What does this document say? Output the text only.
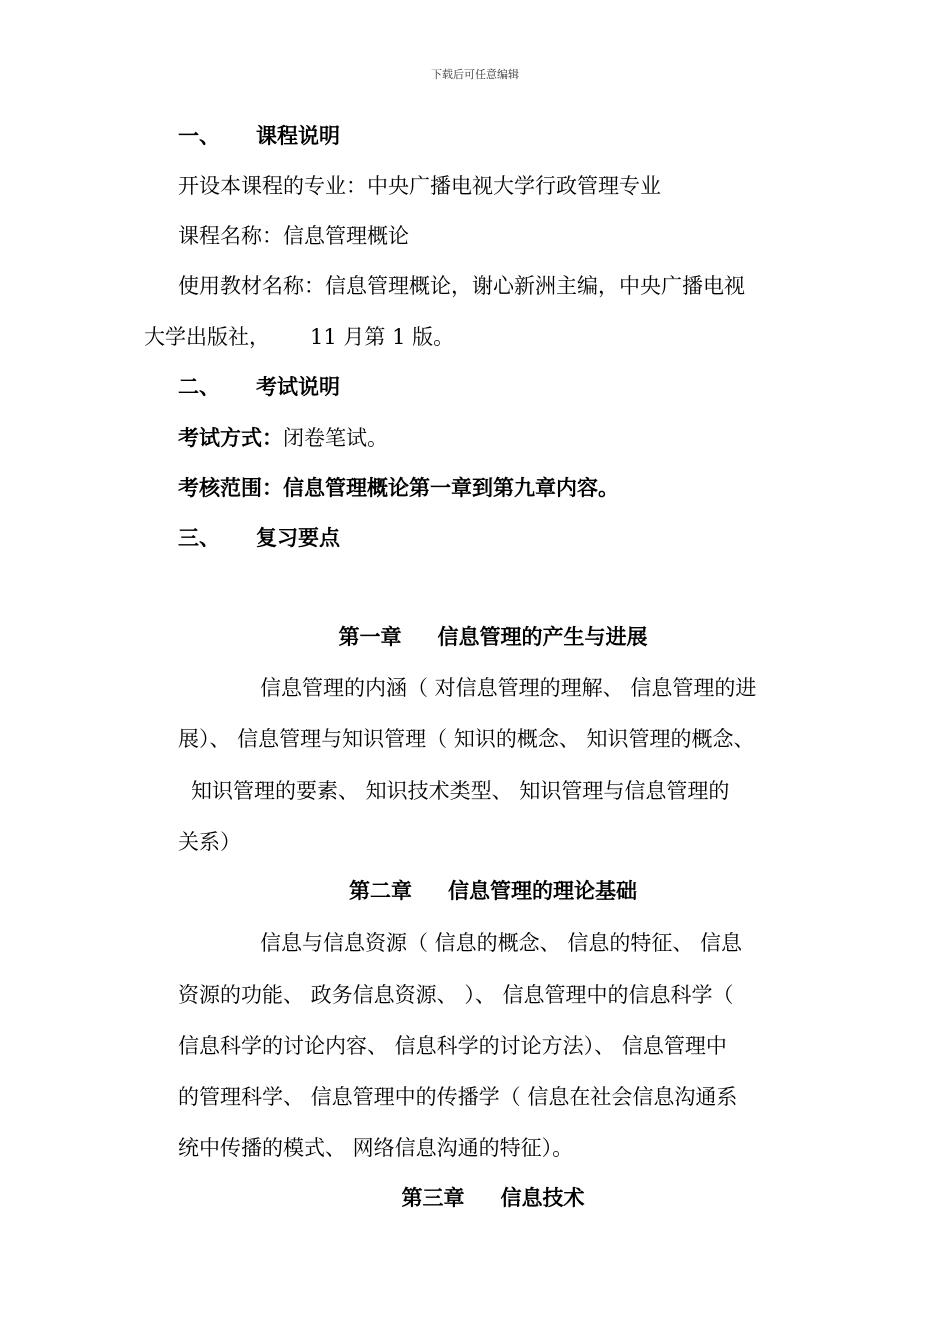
下载后可任意编辑
一、 课程说明
开设本课程的专业：中央广播电视大学行政管理专业
课程名称：信息管理概论
使用教材名称：信息管理概论，谢心新洲主编，中央广播电视
大学出版社， 11 月第 1 版。
二、 考试说明
考试方式：闭卷笔试。
考核范围：信息管理概论第一章到第九章内容。
三、 复习要点
第一章 信息管理的产生与进展
信息管理的内涵（ 对信息管理的理解、 信息管理的进
展）、 信息管理与知识管理（ 知识的概念、 知识管理的概念、
知识管理的要素、 知识技术类型、 知识管理与信息管理的
关系）
第二章 信息管理的理论基础
信息与信息资源（ 信息的概念、 信息的特征、 信息
资源的功能、 政务信息资源、 ）、 信息管理中的信息科学（
信息科学的讨论内容、 信息科学的讨论方法）、 信息管理中
的管理科学、 信息管理中的传播学（ 信息在社会信息沟通系
统中传播的模式、 网络信息沟通的特征）。
第三章 信息技术
